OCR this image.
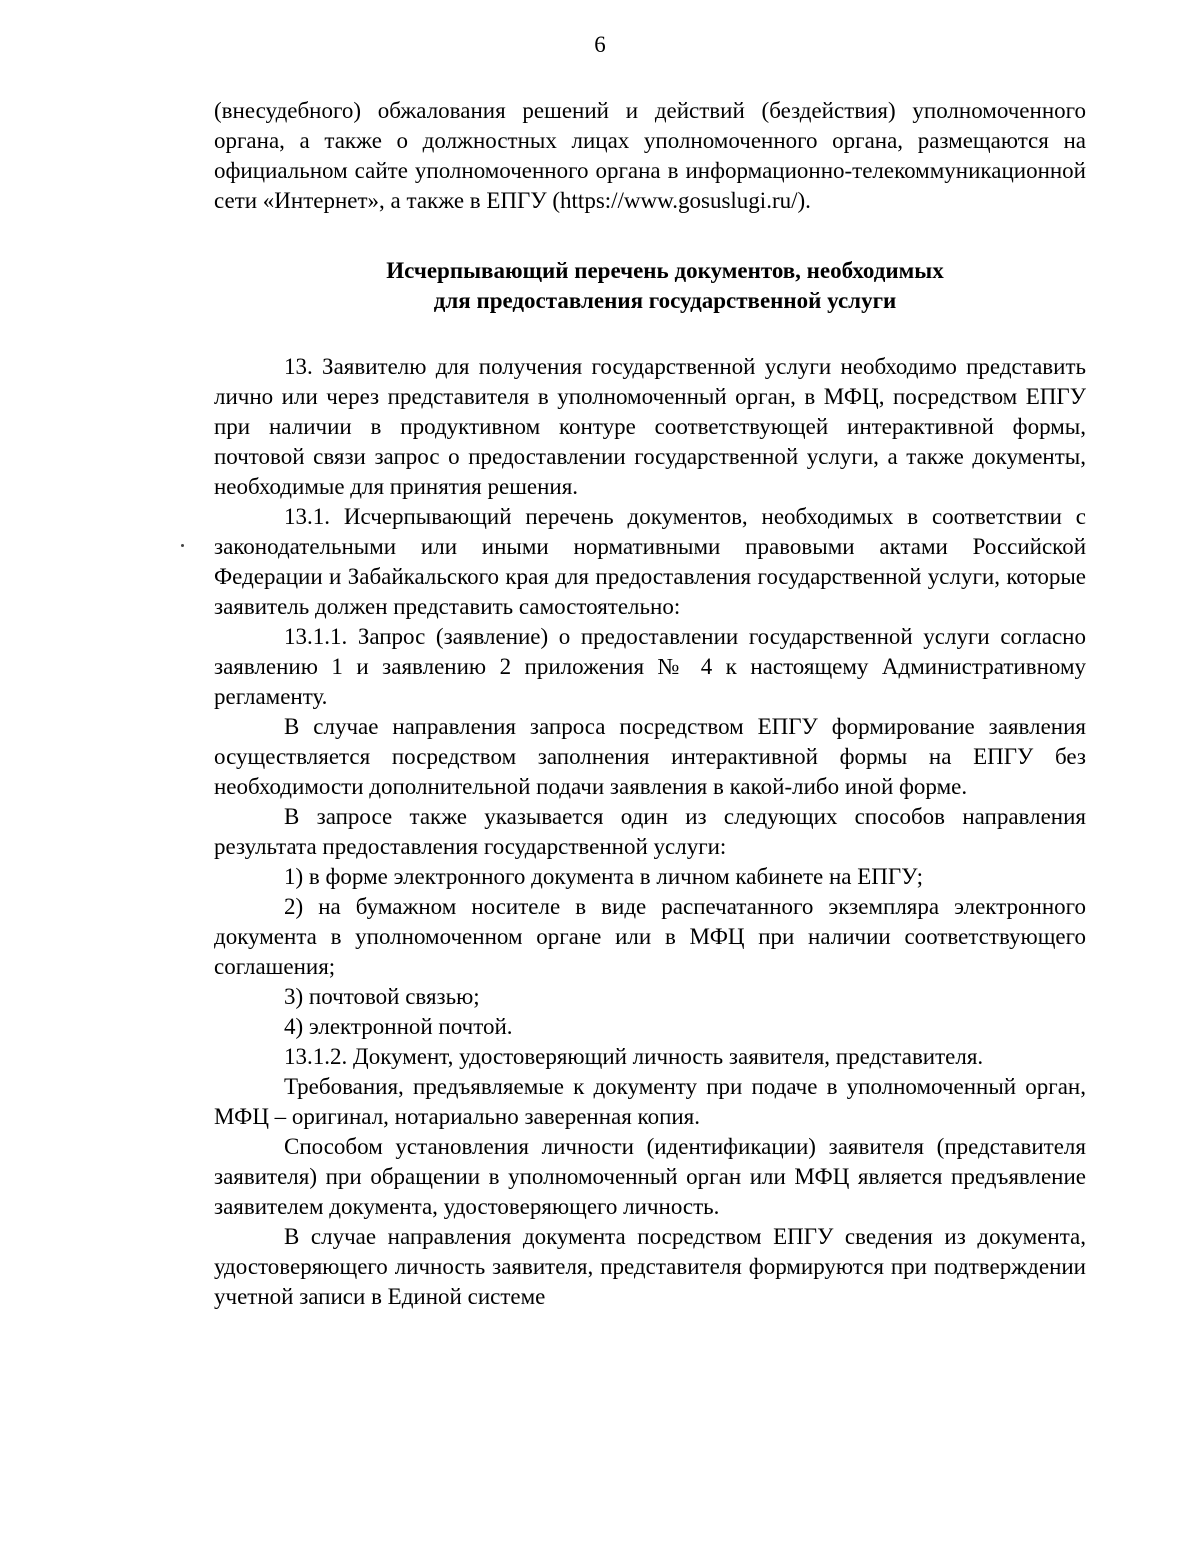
6

(внесудебного) обжалования решений и действий (бездействия) уполномоченного органа, а также о должностных лицах уполномоченного органа, размещаются на официальном сайте уполномоченного органа в информационно-телекоммуникационной сети «Интернет», а также в ЕПГУ (https://www.gosuslugi.ru/).

Исчерпывающий перечень документов, необходимых
для предоставления государственной услуги

13. Заявителю для получения государственной услуги необходимо представить лично или через представителя в уполномоченный орган, в МФЦ, посредством ЕПГУ при наличии в продуктивном контуре соответствующей интерактивной формы, почтовой связи запрос о предоставлении государственной услуги, а также документы, необходимые для принятия решения.

13.1. Исчерпывающий перечень документов, необходимых в соответствии с законодательными или иными нормативными правовыми актами Российской Федерации и Забайкальского края для предоставления государственной услуги, которые заявитель должен представить самостоятельно:

13.1.1. Запрос (заявление) о предоставлении государственной услуги согласно заявлению 1 и заявлению 2 приложения № 4 к настоящему Административному регламенту.

В случае направления запроса посредством ЕПГУ формирование заявления осуществляется посредством заполнения интерактивной формы на ЕПГУ без необходимости дополнительной подачи заявления в какой-либо иной форме.

В запросе также указывается один из следующих способов направления результата предоставления государственной услуги:

1) в форме электронного документа в личном кабинете на ЕПГУ;

2) на бумажном носителе в виде распечатанного экземпляра электронного документа в уполномоченном органе или в МФЦ при наличии соответствующего соглашения;

3) почтовой связью;

4) электронной почтой.

13.1.2. Документ, удостоверяющий личность заявителя, представителя.

Требования, предъявляемые к документу при подаче в уполномоченный орган, МФЦ – оригинал, нотариально заверенная копия.

Способом установления личности (идентификации) заявителя (представителя заявителя) при обращении в уполномоченный орган или МФЦ является предъявление заявителем документа, удостоверяющего личность.

В случае направления документа посредством ЕПГУ сведения из документа, удостоверяющего личность заявителя, представителя формируются при подтверждении учетной записи в Единой системе
